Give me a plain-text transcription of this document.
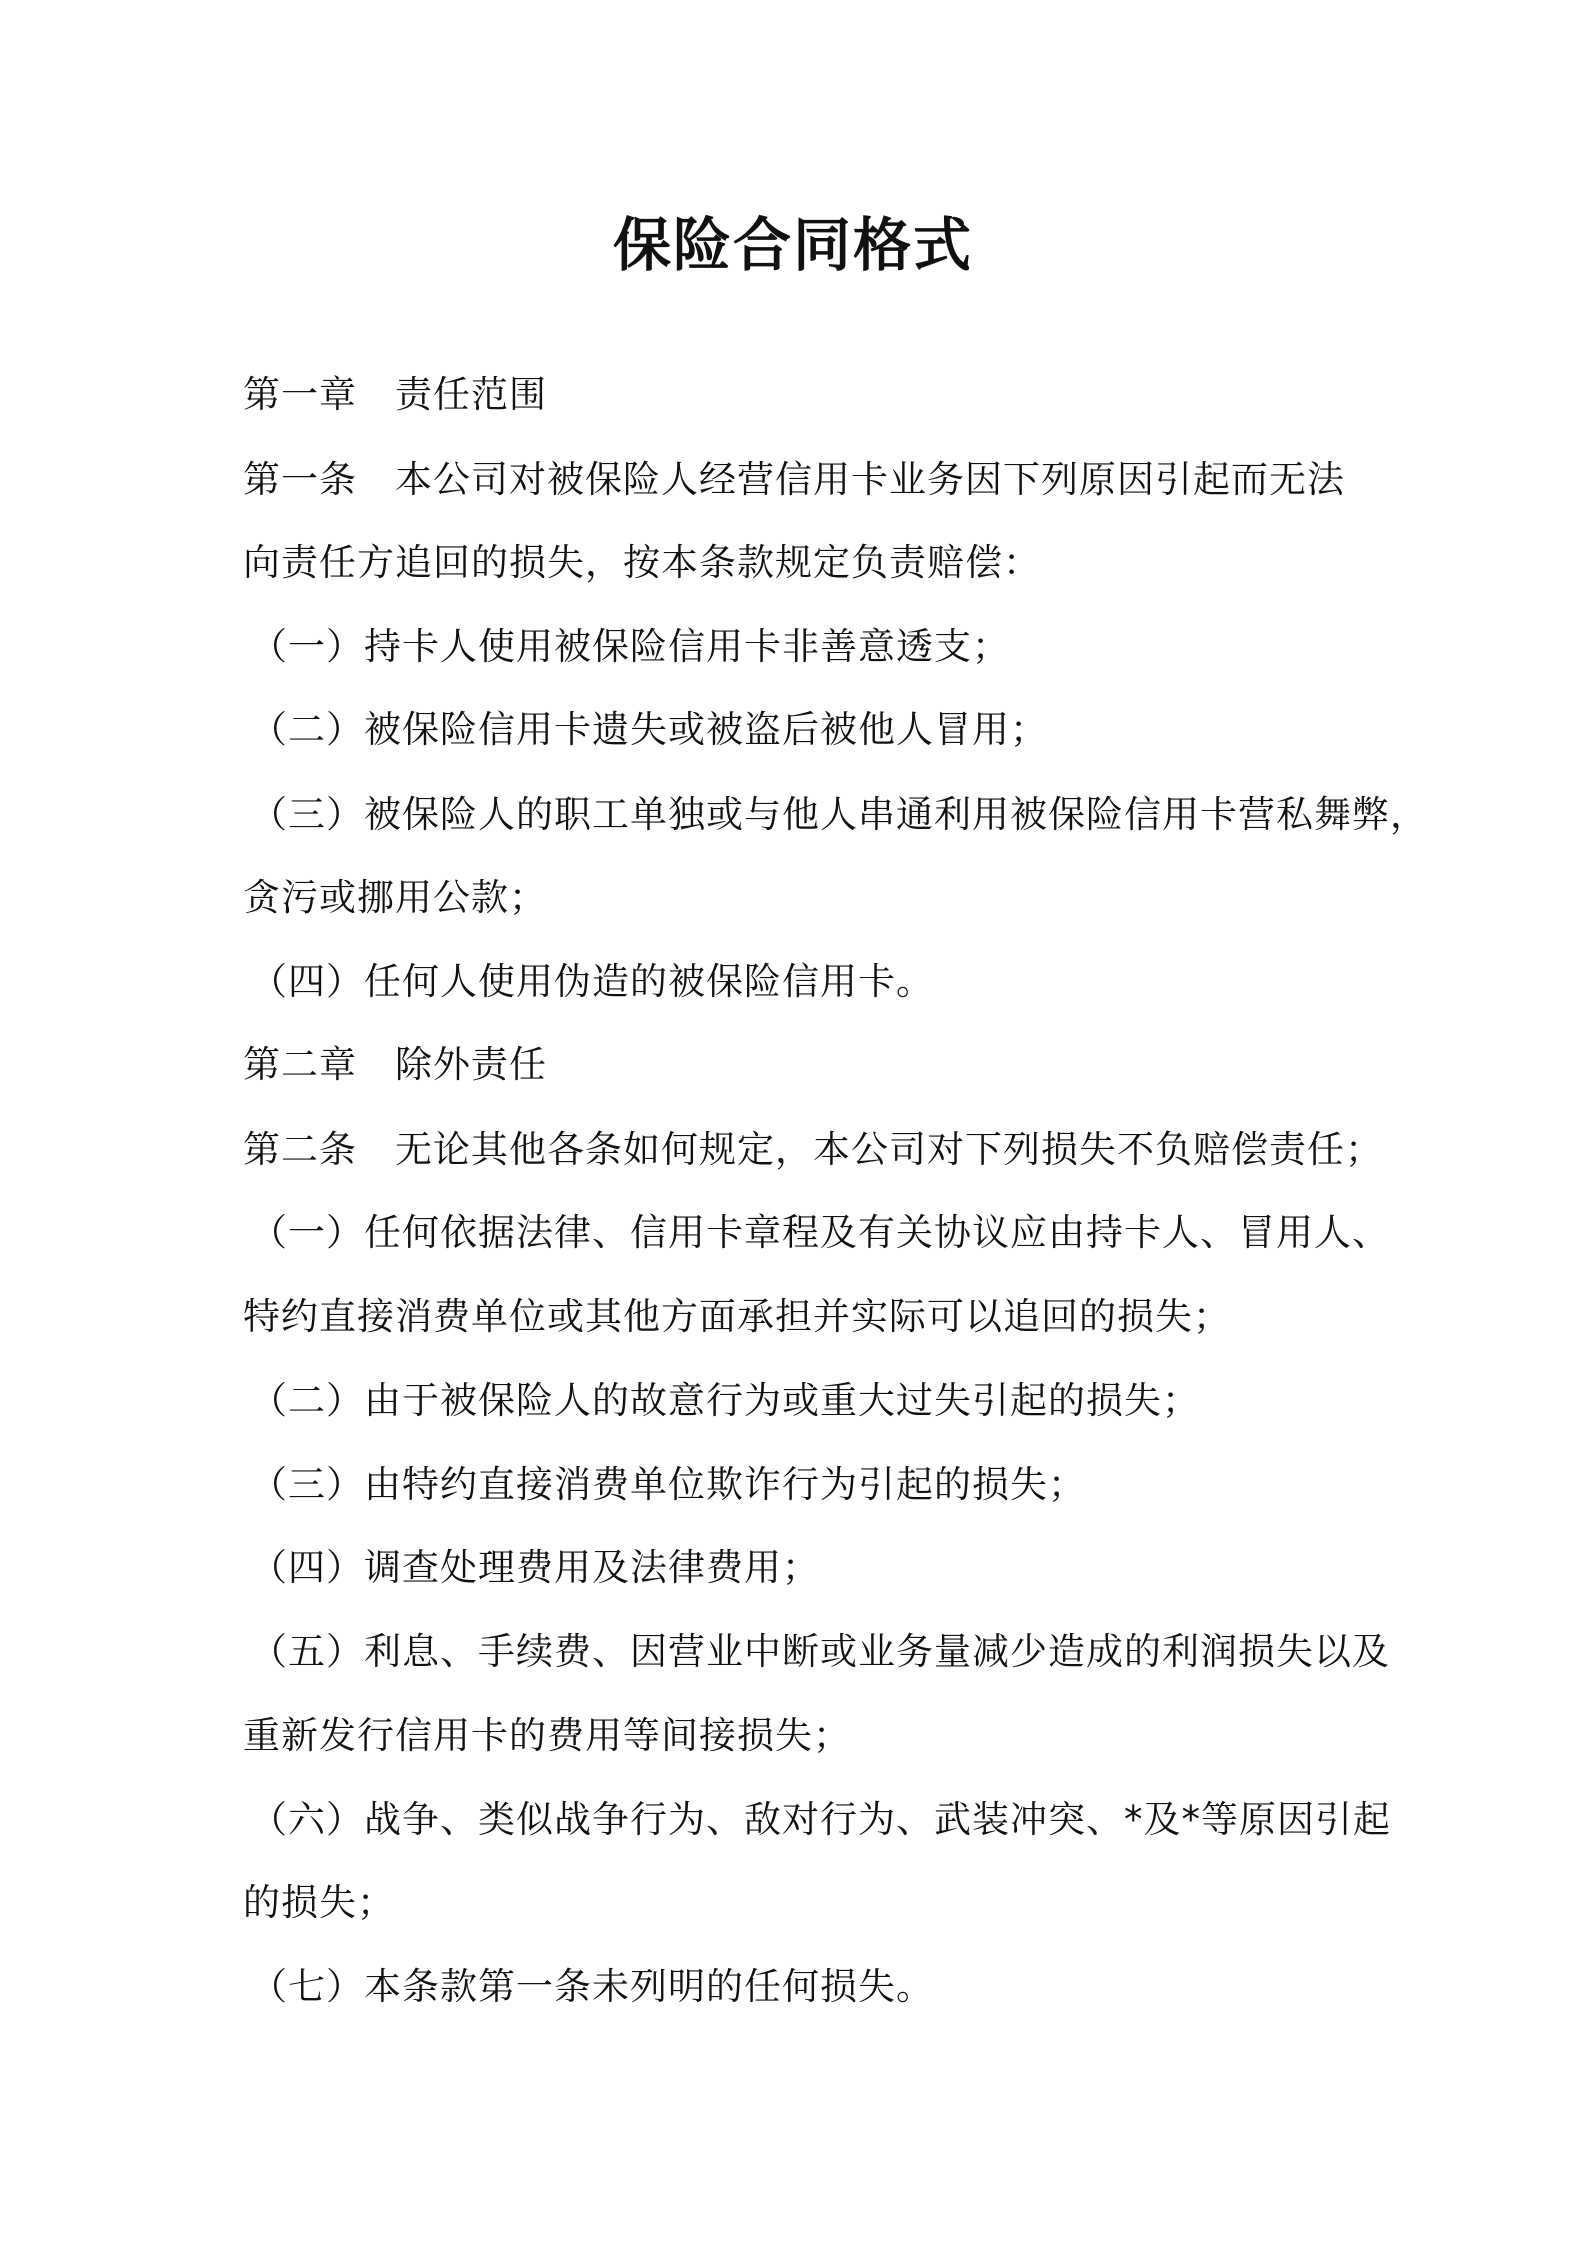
保险合同格式
第一章　责任范围
第一条　本公司对被保险人经营信用卡业务因下列原因引起而无法
向责任方追回的损失，按本条款规定负责赔偿：
（一）持卡人使用被保险信用卡非善意透支；
（二）被保险信用卡遗失或被盗后被他人冒用；
（三）被保险人的职工单独或与他人串通利用被保险信用卡营私舞弊，
贪污或挪用公款；
（四）任何人使用伪造的被保险信用卡。
第二章　除外责任
第二条　无论其他各条如何规定，本公司对下列损失不负赔偿责任；
（一）任何依据法律、信用卡章程及有关协议应由持卡人、冒用人、
特约直接消费单位或其他方面承担并实际可以追回的损失；
（二）由于被保险人的故意行为或重大过失引起的损失；
（三）由特约直接消费单位欺诈行为引起的损失；
（四）调查处理费用及法律费用；
（五）利息、手续费、因营业中断或业务量减少造成的利润损失以及
重新发行信用卡的费用等间接损失；
（六）战争、类似战争行为、敌对行为、武装冲突、*及*等原因引起
的损失；
（七）本条款第一条未列明的任何损失。
